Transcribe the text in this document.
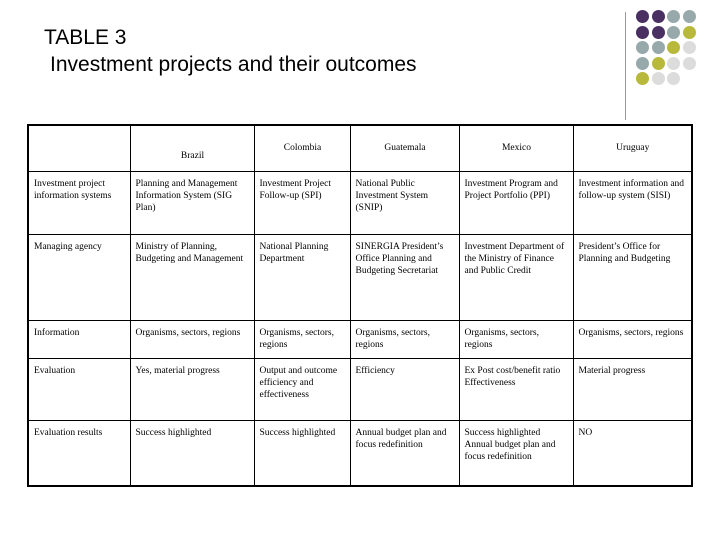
TABLE 3
Investment projects and their outcomes
	Brazil	Colombia	Guatemala	Mexico	Uruguay
Investment project information systems	Planning and Management Information System (SIG Plan)	Investment Project Follow-up (SPI)	National Public Investment System (SNIP)	Investment Program and Project Portfolio (PPI)	Investment information and follow-up system (SISI)
Managing agency	Ministry of Planning, Budgeting and Management	National Planning Department	SINERGIA President’s Office Planning and Budgeting Secretariat	Investment Department of the Ministry of Finance and Public Credit	President’s Office for Planning and Budgeting
Information	Organisms, sectors, regions	Organisms, sectors, regions	Organisms, sectors, regions	Organisms, sectors, regions	Organisms, sectors, regions
Evaluation	Yes, material progress	Output and outcome efficiency and effectiveness	Efficiency	Ex Post cost/benefit ratio Effectiveness	Material progress
Evaluation results	Success highlighted	Success highlighted	Annual budget plan and focus redefinition	Success highlighted Annual budget plan and focus redefinition	NO
